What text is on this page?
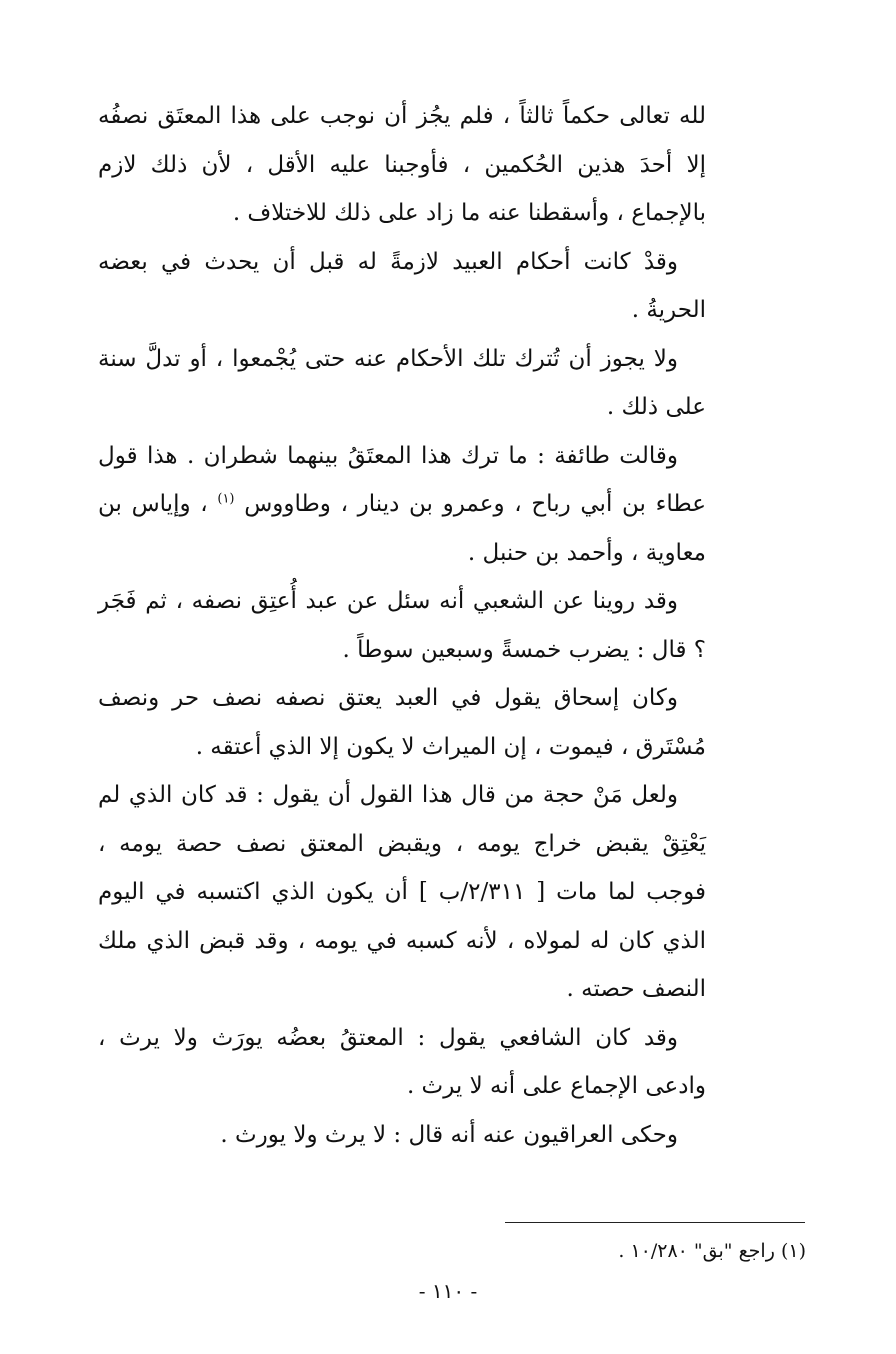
لله تعالى حكماً ثالثاً ، فلم يجُز أن نوجب على هذا المعتَق نصفُه إلا أحدَ هذين الحُكمين ، فأوجبنا عليه الأقل ، لأن ذلك لازم بالإجماع ، وأسقطنا عنه ما زاد على ذلك للاختلاف .

وقدْ كانت أحكام العبيد لازمةً له قبل أن يحدث في بعضه الحريةُ .

ولا يجوز أن تُترك تلك الأحكام عنه حتى يُجْمعوا ، أو تدلَّ سنة على ذلك .

وقالت طائفة : ما ترك هذا المعتَقُ بينهما شطران . هذا قول عطاء بن أبي رباح ، وعمرو بن دينار ، وطاووس $^{(١)}$ ، وإياس بن معاوية ، وأحمد بن حنبل .

وقد روينا عن الشعبي أنه سئل عن عبد أُعتِق نصفه ، ثم فَجَر ؟ قال : يضرب خمسةً وسبعين سوطاً .

وكان إسحاق يقول في العبد يعتق نصفه نصف حر ونصف مُسْتَرق ، فيموت ، إن الميراث لا يكون إلا الذي أعتقه .

ولعل مَنْ حجة من قال هذا القول أن يقول : قد كان الذي لم يَعْتِقْ يقبض خراج يومه ، ويقبض المعتق نصف حصة يومه ، فوجب لما مات [ ٢/٣١١/ب ] أن يكون الذي اكتسبه في اليوم الذي كان له لمولاه ، لأنه كسبه في يومه ، وقد قبض الذي ملك النصف حصته .

وقد كان الشافعي يقول : المعتقُ بعضُه يورَث ولا يرث ، وادعى الإجماع على أنه لا يرث .

وحكى العراقيون عنه أنه قال : لا يرث ولا يورث .

(١) راجع "بق" ١٠/٢٨٠ .
- ١١٠ -
